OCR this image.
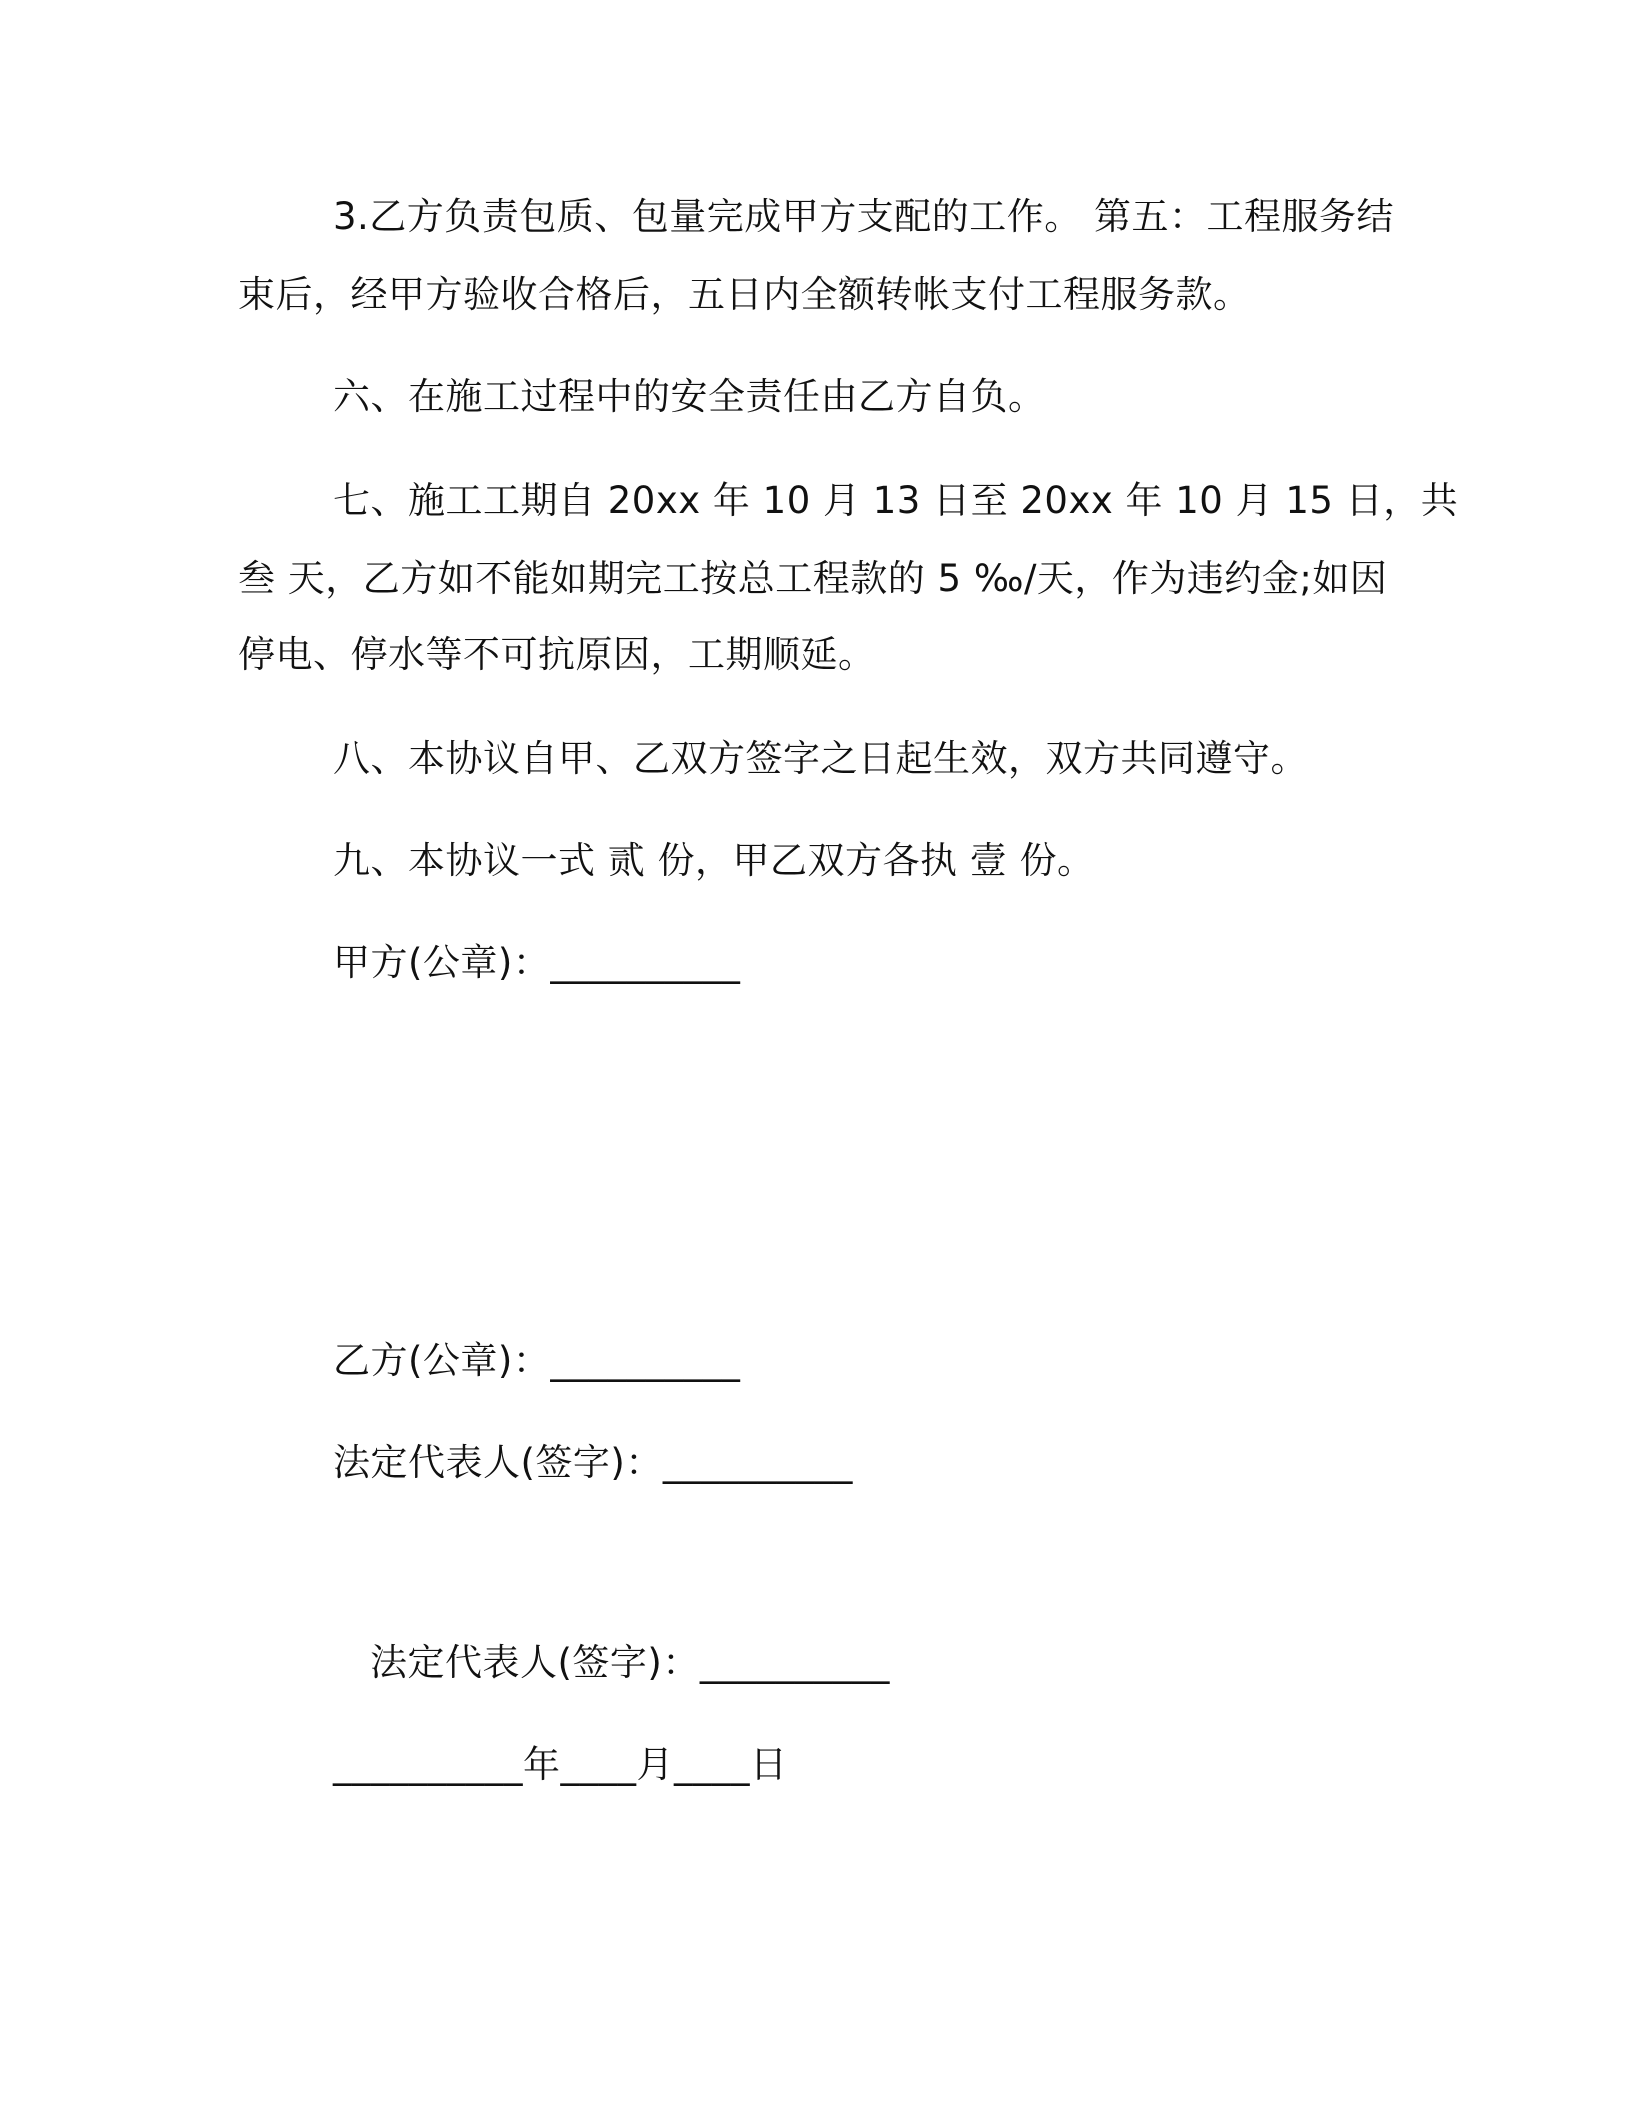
3.乙方负责包质、包量完成甲方支配的工作。 第五：工程服务结
束后，经甲方验收合格后，五日内全额转帐支付工程服务款。
六、在施工过程中的安全责任由乙方自负。
七、施工工期自 20xx 年 10 月 13 日至 20xx 年 10 月 15 日，共
叁 天，乙方如不能如期完工按总工程款的 5 ‰/天，作为违约金;如因
停电、停水等不可抗原因，工期顺延。
八、本协议自甲、乙双方签字之日起生效，双方共同遵守。
九、本协议一式 贰 份，甲乙双方各执 壹 份。
甲方(公章)：__________
乙方(公章)：__________
法定代表人(签字)：__________
法定代表人(签字)：__________
__________年____月____日
